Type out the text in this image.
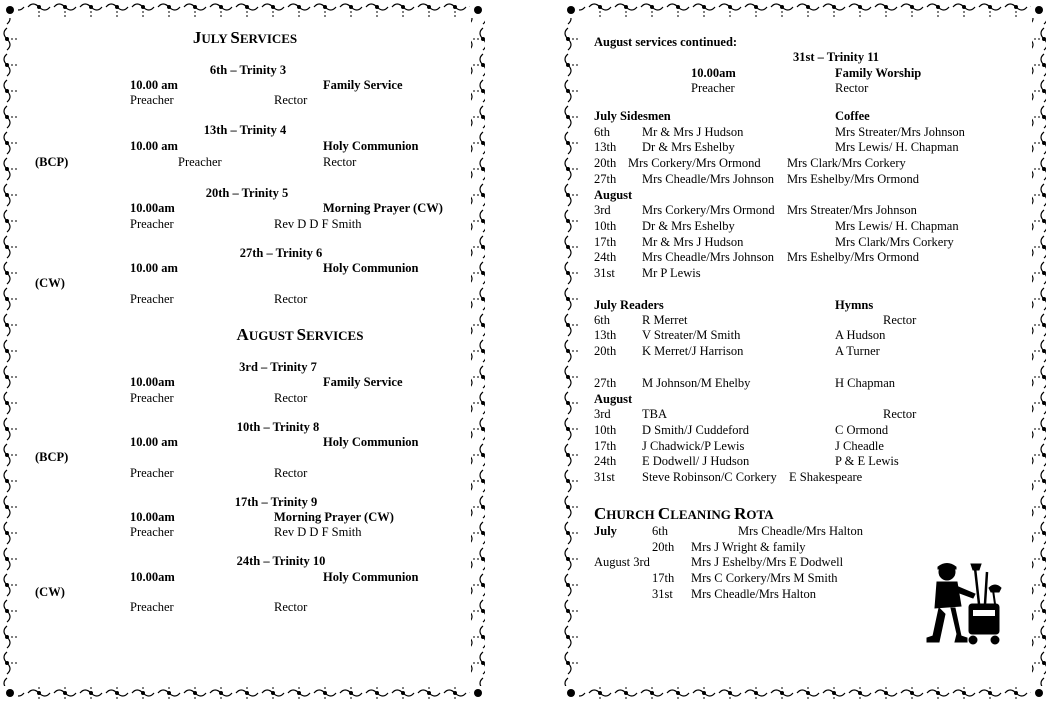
JULY SERVICES
6th – Trinity 3
10.00 am	Family Service
Preacher	Rector
13th – Trinity 4
10.00 am	Holy Communion
(BCP)	Preacher	Rector
20th – Trinity 5
10.00am	Morning Prayer (CW)
Preacher	Rev D D F Smith
27th – Trinity 6
10.00 am	Holy Communion
(CW)
Preacher	Rector
AUGUST SERVICES
3rd – Trinity 7
10.00am	Family Service
Preacher	Rector
10th – Trinity 8
10.00 am	Holy Communion
(BCP)
Preacher	Rector
17th – Trinity 9
10.00am	Morning Prayer (CW)
Preacher	Rev D D F Smith
24th – Trinity 10
10.00am	Holy Communion
(CW)
Preacher	Rector
August services continued:
31st – Trinity 11
10.00am	Family Worship
Preacher	Rector
July Sidesmen	Coffee
6th	Mr & Mrs J Hudson	Mrs Streater/Mrs Johnson
13th Dr & Mrs Eshelby	Mrs Lewis/ H. Chapman
20th Mrs Corkery/Mrs Ormond Mrs Clark/Mrs Corkery
27th Mrs Cheadle/Mrs Johnson Mrs Eshelby/Mrs Ormond
August
3rd	Mrs Corkery/Mrs Ormond Mrs Streater/Mrs Johnson
10th Dr & Mrs Eshelby	Mrs Lewis/ H. Chapman
17th Mr & Mrs J Hudson	Mrs Clark/Mrs Corkery
24th Mrs Cheadle/Mrs Johnson Mrs Eshelby/Mrs Ormond
31st Mr P Lewis
July Readers	Hymns
6th	R Merret	Rector
13th V Streater/M Smith	A Hudson
20th K Merret/J Harrison	A Turner
27th M Johnson/M Ehelby	H Chapman
August
3rd	TBA	Rector
10th D Smith/J Cuddeford	C Ormond
17th J Chadwick/P Lewis	J Cheadle
24th E Dodwell/ J Hudson	P & E Lewis
31st Steve Robinson/C Corkery E Shakespeare
CHURCH CLEANING ROTA
July	6th	Mrs Cheadle/Mrs Halton
20th Mrs J Wright & family
August 3rd	Mrs J Eshelby/Mrs E Dodwell
17th Mrs C Corkery/Mrs M Smith
31st Mrs Cheadle/Mrs Halton
